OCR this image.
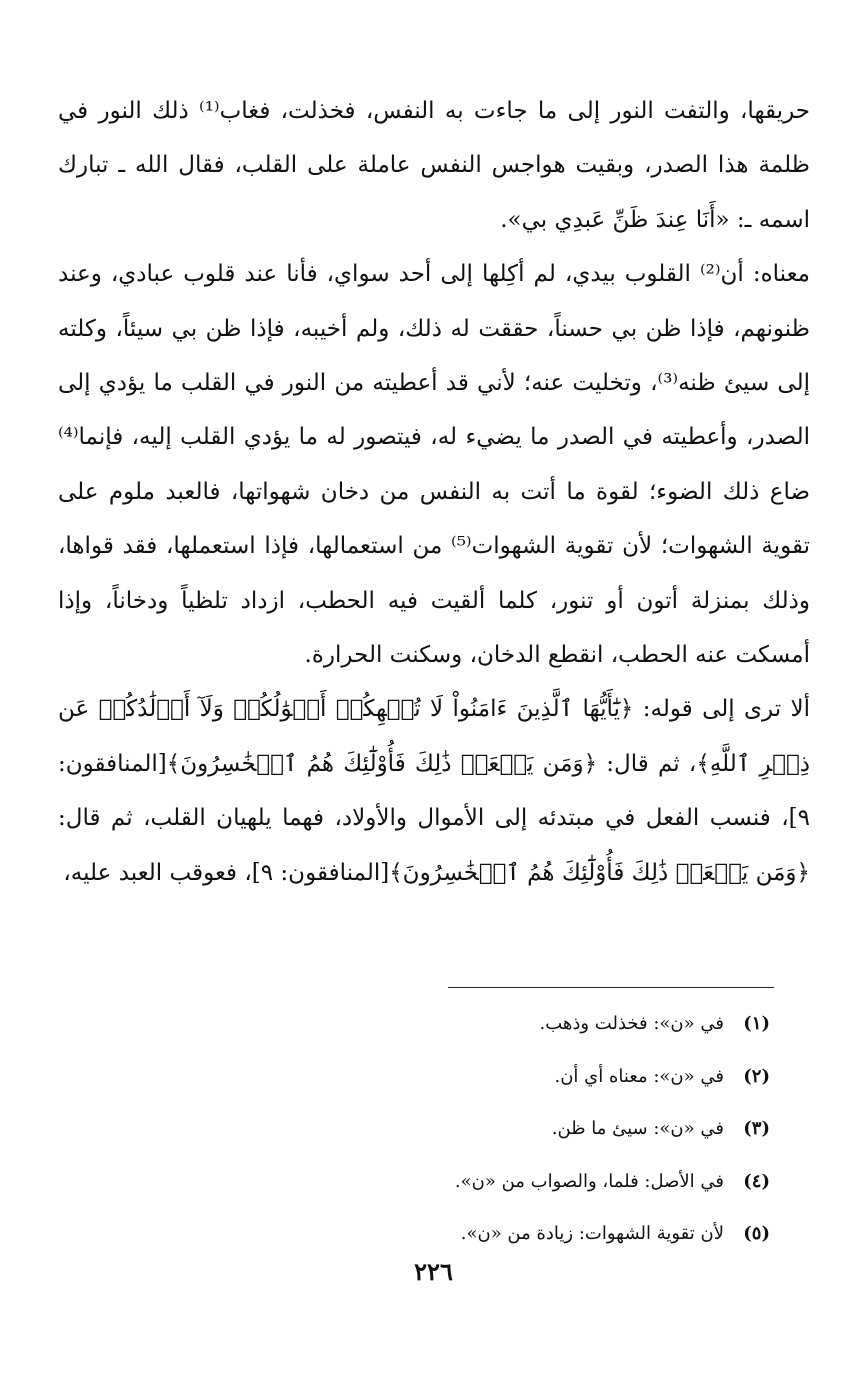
حريقها، والتفت النور إلى ما جاءت به النفس، فخذلت، فغاب⁽¹⁾ ذلك النور في ظلمة هذا الصدر، وبقيت هواجس النفس عاملة على القلب، فقال الله ـ تبارك اسمه ـ: «أَنَا عِندَ ظَنِّ عَبدِي بي».

معناه: أن⁽²⁾ القلوب بيدي، لم أكِلها إلى أحد سواي، فأنا عند قلوب عبادي، وعند ظنونهم، فإذا ظن بي حسناً، حققت له ذلك، ولم أخيبه، فإذا ظن بي سيئاً، وكلته إلى سيئ ظنه⁽³⁾، وتخليت عنه؛ لأني قد أعطيته من النور في القلب ما يؤدي إلى الصدر، وأعطيته في الصدر ما يضيء له، فيتصور له ما يؤدي القلب إليه، فإنما⁽⁴⁾ ضاع ذلك الضوء؛ لقوة ما أتت به النفس من دخان شهواتها، فالعبد ملوم على تقوية الشهوات؛ لأن تقوية الشهوات⁽⁵⁾ من استعمالها، فإذا استعملها، فقد قواها، وذلك بمنزلة أتون أو تنور، كلما ألقيت فيه الحطب، ازداد تلظياً ودخاناً، وإذا أمسكت عنه الحطب، انقطع الدخان، وسكنت الحرارة.

ألا ترى إلى قوله: ﴿يَٰٓأَيُّهَا ٱلَّذِينَ ءَامَنُواْ لَا تُلۡهِكُمۡ أَمۡوَٰلُكُمۡ وَلَآ أَوۡلَٰدُكُمۡ عَن ذِكۡرِ ٱللَّهِ﴾، ثم قال: ﴿وَمَن يَفۡعَلۡ ذَٰلِكَ فَأُوْلَٰٓئِكَ هُمُ ٱلۡخَٰسِرُونَ﴾[المنافقون: ٩]، فنسب الفعل في مبتدئه إلى الأموال والأولاد، فهما يلهيان القلب، ثم قال: ﴿وَمَن يَفۡعَلۡ ذَٰلِكَ فَأُوْلَٰٓئِكَ هُمُ ٱلۡخَٰسِرُونَ﴾[المنافقون: ٩]، فعوقب العبد عليه،

(١)في «ن»: فخذلت وذهب.
(٢)في «ن»: معناه أي أن.
(٣)في «ن»: سيئ ما ظن.
(٤)في الأصل: فلما، والصواب من «ن».
(٥)لأن تقوية الشهوات: زيادة من «ن».
٢٢٦
